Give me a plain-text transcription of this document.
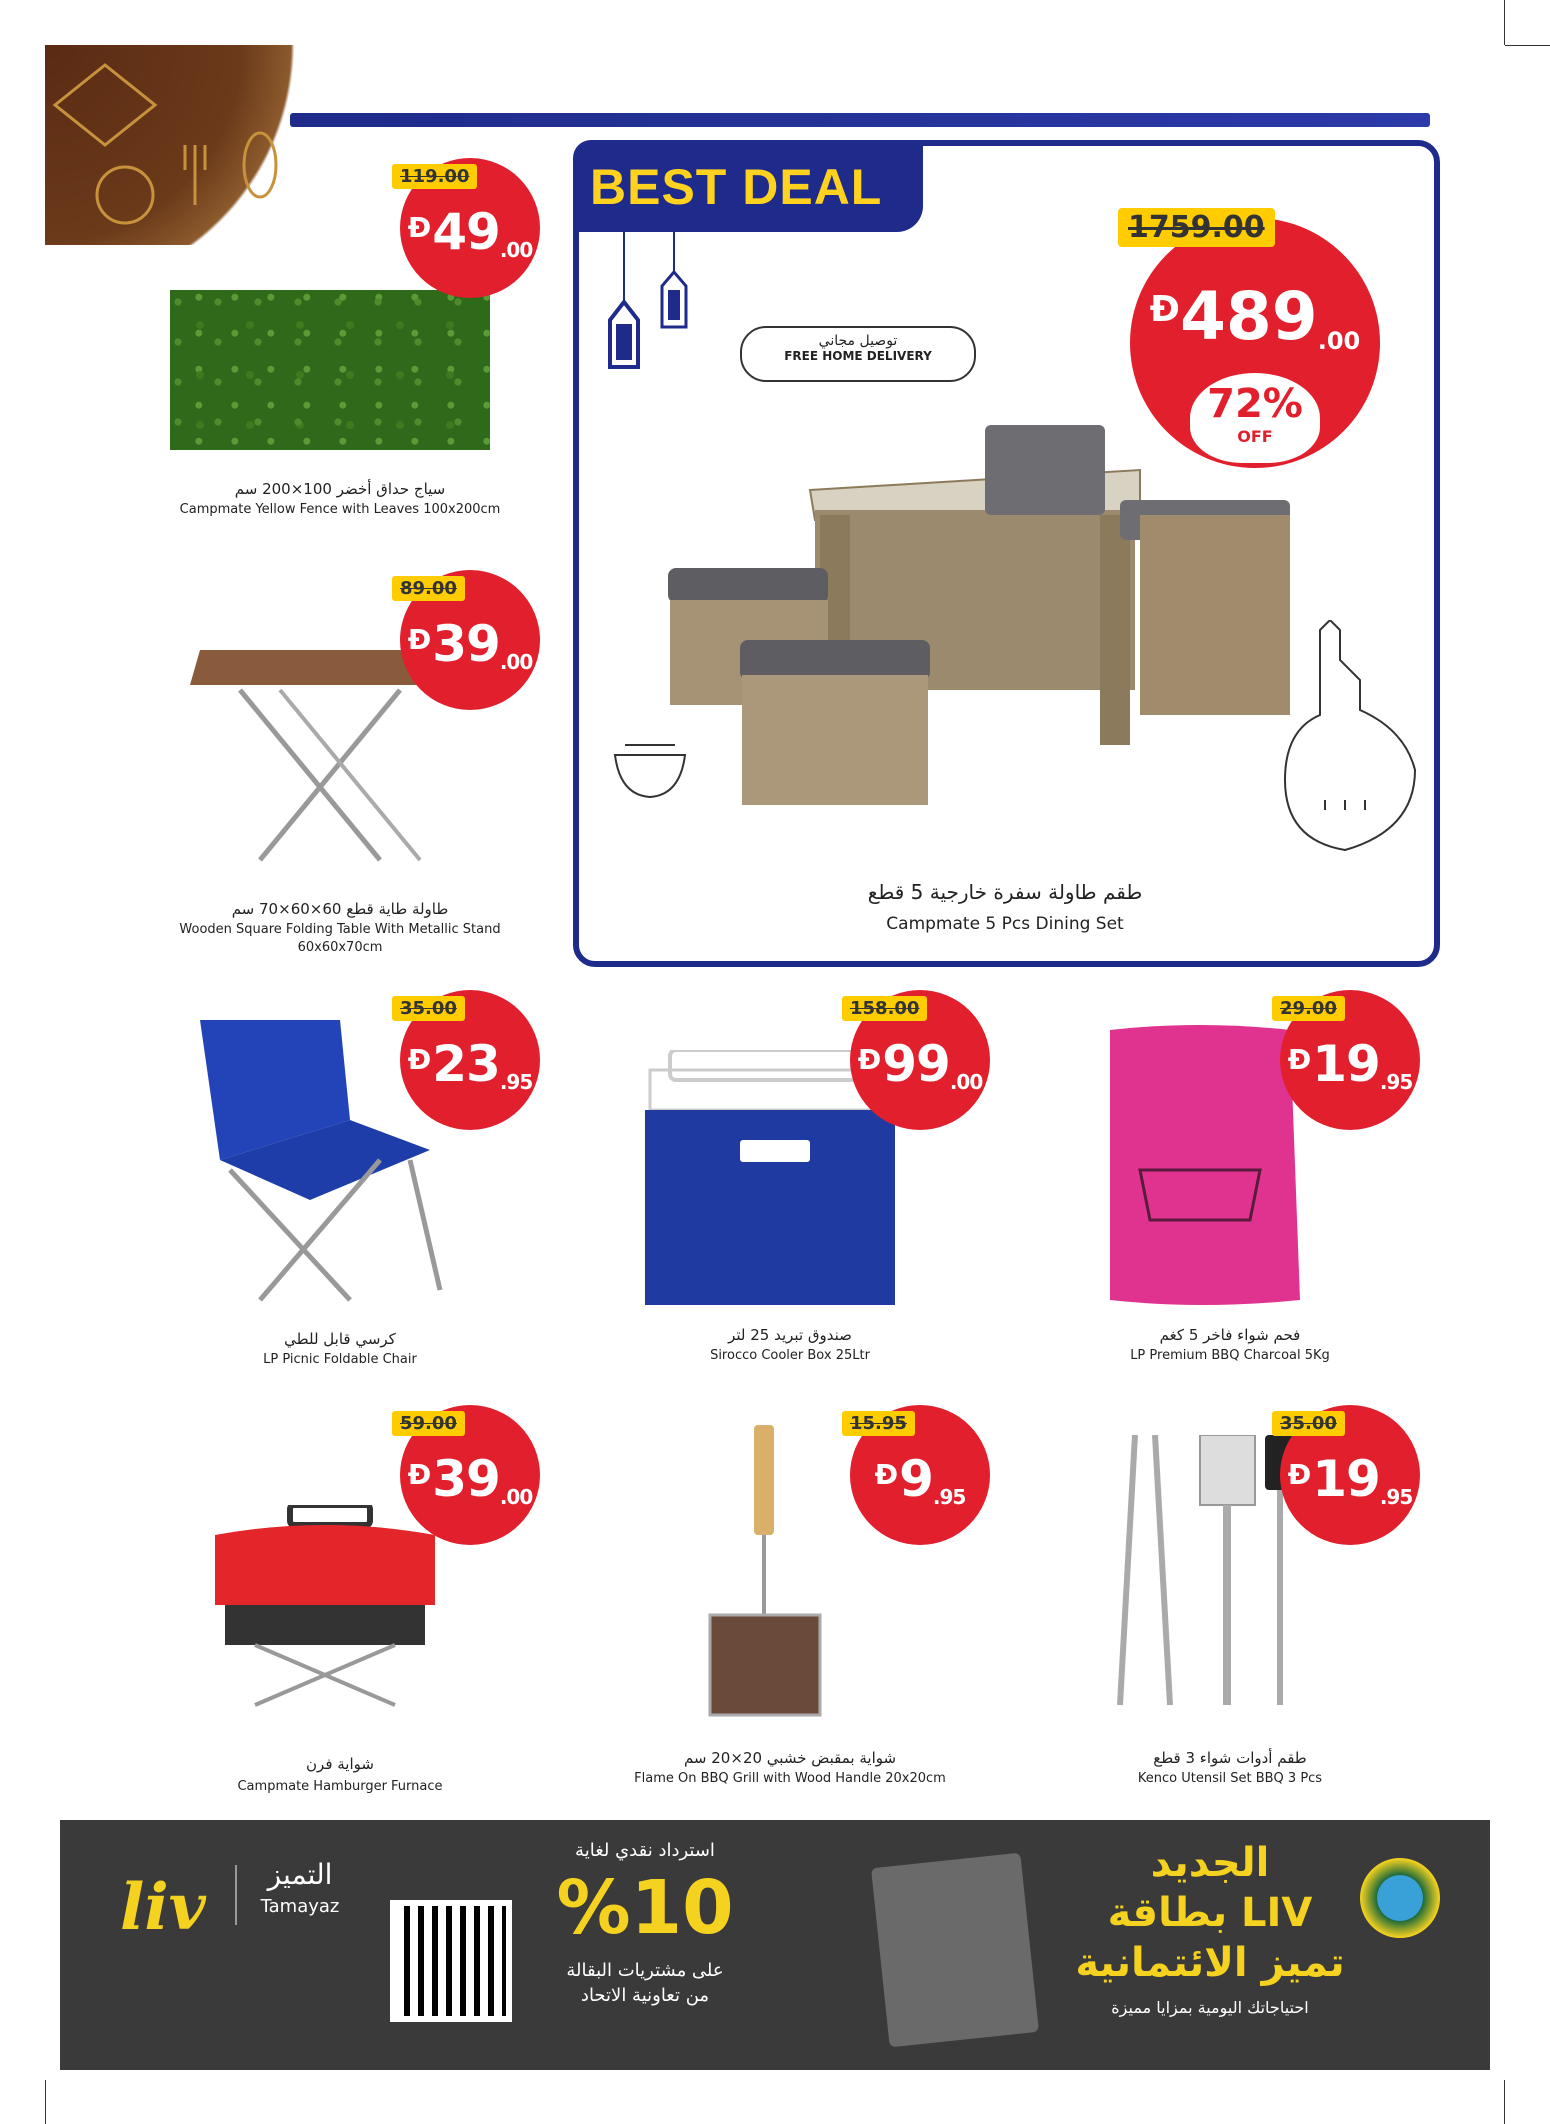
BEST DEAL
توصيل مجاني
FREE HOME DELIVERY
1759.00
$^Đ$489.00
72%
OFF
طقم طاولة سفرة خارجية 5 قطع
Campmate 5 Pcs Dining Set
119.00
$^Đ$49.00
سياج حداق أخضر 100×200 سم
Campmate Yellow Fence with Leaves 100x200cm
89.00
$^Đ$39.00
طاولة طاية قطع 60×60×70 سم
Wooden Square Folding Table With Metallic Stand
60x60x70cm
35.00
$^Đ$23.95
كرسي قابل للطي
LP Picnic Foldable Chair
158.00
$^Đ$99.00
صندوق تبريد 25 لتر
Sirocco Cooler Box 25Ltr
29.00
$^Đ$19.95
فحم شواء فاخر 5 كغم
LP Premium BBQ Charcoal 5Kg
59.00
$^Đ$39.00
شواية فرن
Campmate Hamburger Furnace
15.95
$^Đ$9.95
شواية بمقبض خشبي 20×20 سم
Flame On BBQ Grill with Wood Handle 20x20cm
35.00
$^Đ$19.95
طقم أدوات شواء 3 قطع
Kenco Utensil Set BBQ 3 Pcs
liv	التميز
Tamayaz
استرداد نقدي لغاية
%10
على مشتريات البقالة
من تعاونية الاتحاد
الجديد
بطاقة LIV
تميز الائتمانية
احتياجاتك اليومية بمزايا مميزة
